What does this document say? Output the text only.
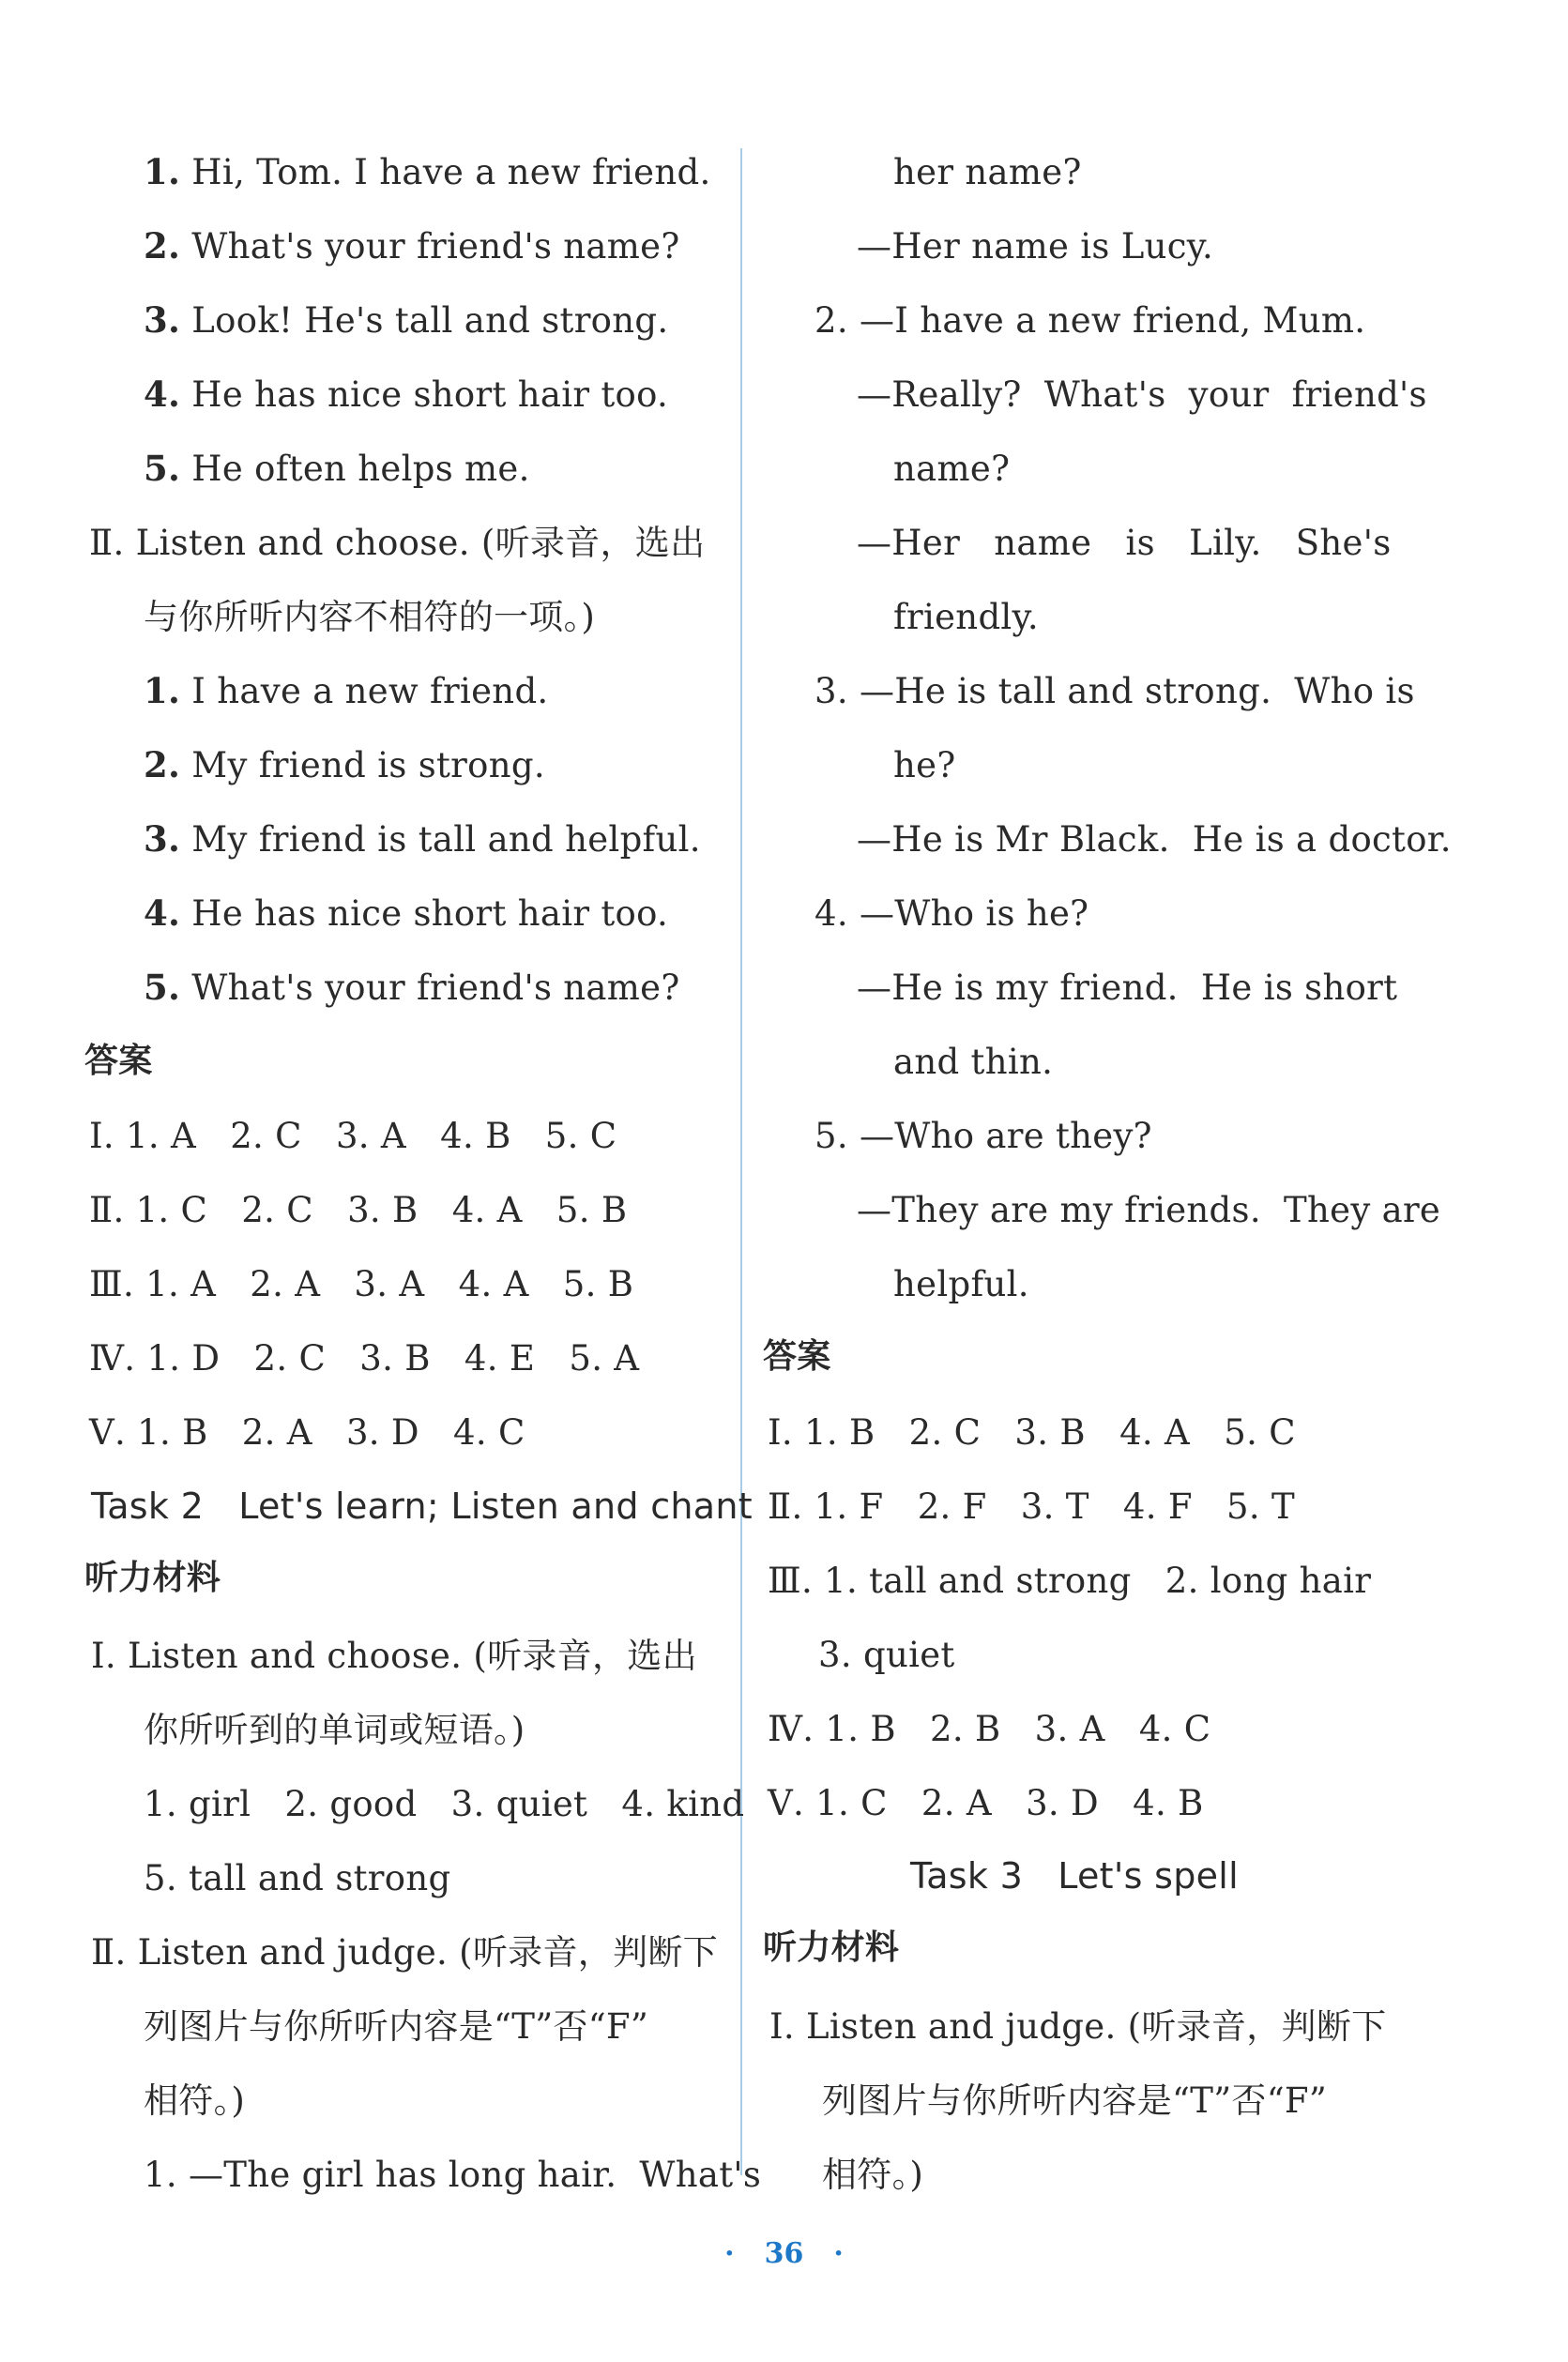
1. Hi, Tom. I have a new friend.
2. What's your friend's name?
3. Look! He's tall and strong.
4. He has nice short hair too.
5. He often helps me.
Ⅱ. Listen and choose. (听录音，选出
与你所听内容不相符的一项。)
1. I have a new friend.
2. My friend is strong.
3. My friend is tall and helpful.
4. He has nice short hair too.
5. What's your friend's name?
答案
Ⅰ. 1. A   2. C   3. A   4. B   5. C
Ⅱ. 1. C   2. C   3. B   4. A   5. B
Ⅲ. 1. A   2. A   3. A   4. A   5. B
Ⅳ. 1. D   2. C   3. B   4. E   5. A
Ⅴ. 1. B   2. A   3. D   4. C
Task 2   Let's learn; Listen and chant
听力材料
Ⅰ. Listen and choose. (听录音，选出
你所听到的单词或短语。)
1. girl   2. good   3. quiet   4. kind
5. tall and strong
Ⅱ. Listen and judge. (听录音，判断下
列图片与你所听内容是“T”否“F”
相符。)
1. —The girl has long hair.  What's
her name?
—Her name is Lucy.
2. —I have a new friend, Mum.
—Really?  What's  your  friend's
name?
—Her   name   is   Lily.   She's
friendly.
3. —He is tall and strong.  Who is
he?
—He is Mr Black.  He is a doctor.
4. —Who is he?
—He is my friend.  He is short
and thin.
5. —Who are they?
—They are my friends.  They are
helpful.
答案
Ⅰ. 1. B   2. C   3. B   4. A   5. C
Ⅱ. 1. F   2. F   3. T   4. F   5. T
Ⅲ. 1. tall and strong   2. long hair
3. quiet
Ⅳ. 1. B   2. B   3. A   4. C
Ⅴ. 1. C   2. A   3. D   4. B
Task 3   Let's spell
听力材料
Ⅰ. Listen and judge. (听录音，判断下
列图片与你所听内容是“T”否“F”
相符。)
· 36 ·
